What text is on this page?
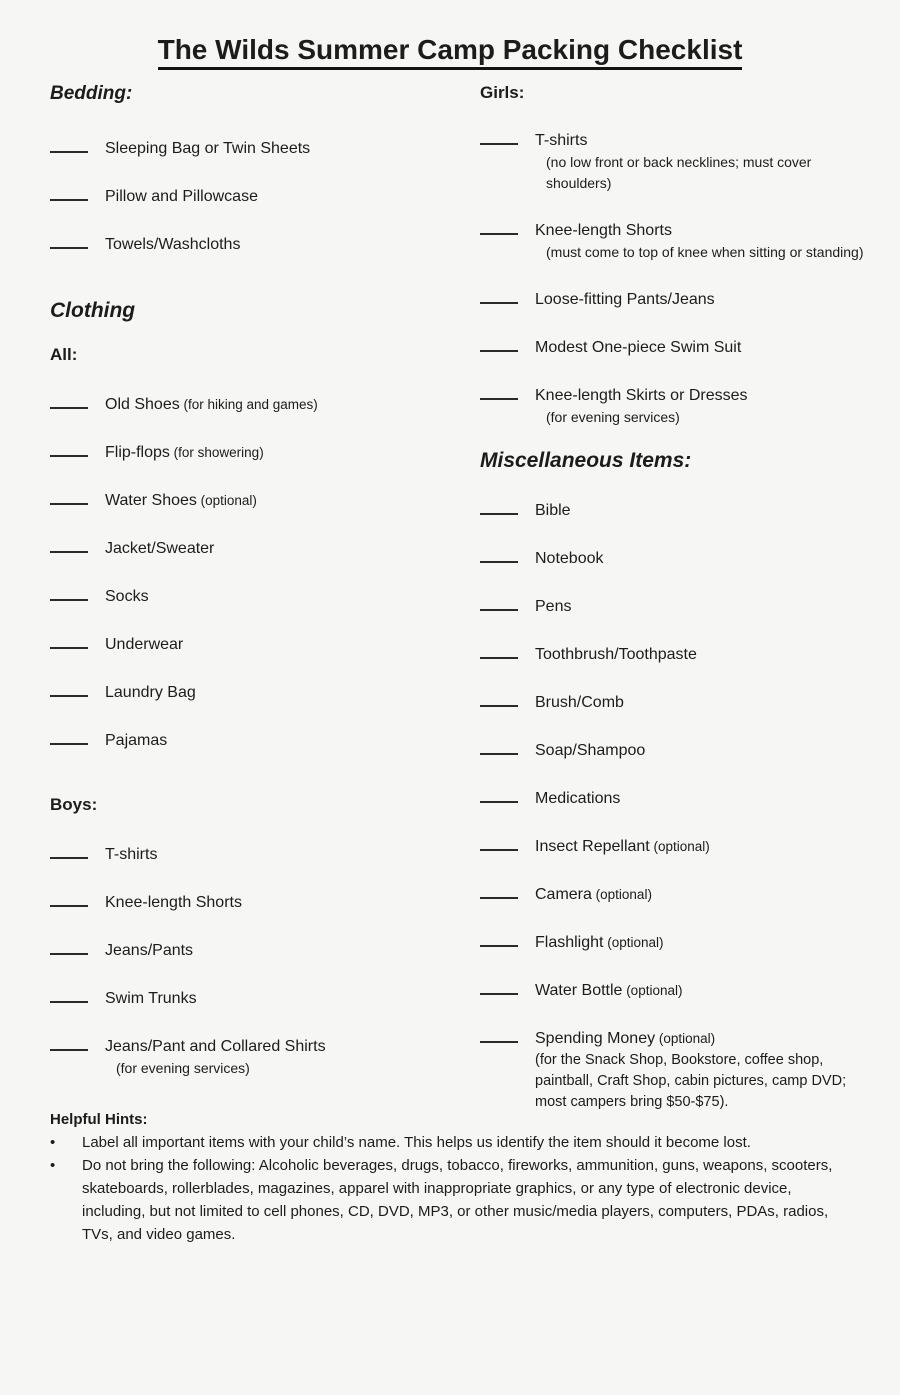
The Wilds Summer Camp Packing Checklist
Bedding:
Sleeping Bag or Twin Sheets
Pillow and Pillowcase
Towels/Washcloths
Clothing
All:
Old Shoes (for hiking and games)
Flip-flops (for showering)
Water Shoes (optional)
Jacket/Sweater
Socks
Underwear
Laundry Bag
Pajamas
Boys:
T-shirts
Knee-length Shorts
Jeans/Pants
Swim Trunks
Jeans/Pant and Collared Shirts
(for evening services)
Girls:
T-shirts
(no low front or back necklines; must cover shoulders)
Knee-length Shorts
(must come to top of knee when sitting or standing)
Loose-fitting Pants/Jeans
Modest One-piece Swim Suit
Knee-length Skirts or Dresses
(for evening services)
Miscellaneous Items:
Bible
Notebook
Pens
Toothbrush/Toothpaste
Brush/Comb
Soap/Shampoo
Medications
Insect Repellant (optional)
Camera (optional)
Flashlight (optional)
Water Bottle (optional)
Spending Money (optional)
(for the Snack Shop, Bookstore, coffee shop, paintball, Craft Shop, cabin pictures, camp DVD; most campers bring $50-$75).
Helpful Hints:
•	Label all important items with your child’s name. This helps us identify the item should it become lost.
•	Do not bring the following: Alcoholic beverages, drugs, tobacco, fireworks, ammunition, guns, weapons, scooters, skateboards, rollerblades, magazines, apparel with inappropriate graphics, or any type of electronic device, including, but not limited to cell phones, CD, DVD, MP3, or other music/media players, computers, PDAs, radios, TVs, and video games.
